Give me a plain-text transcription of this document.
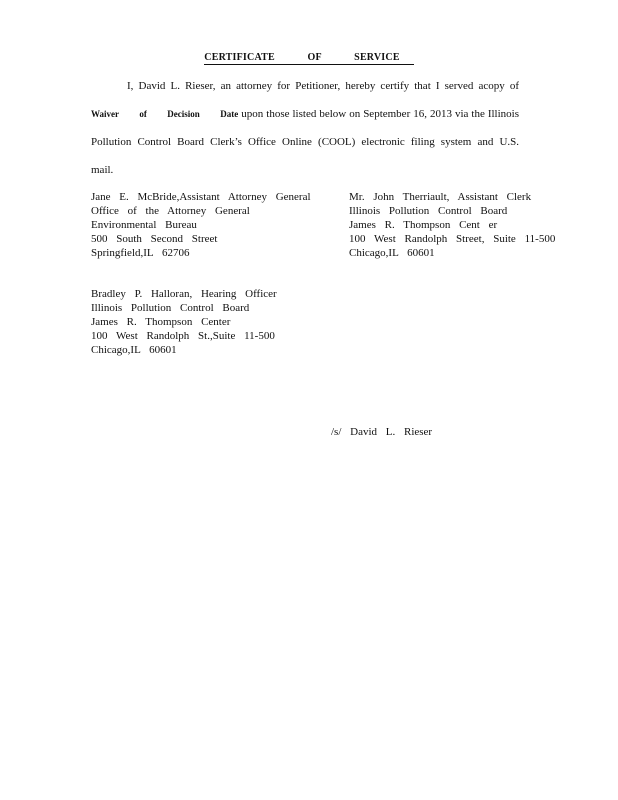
CERTIFICATE OF SERVICE
I, David L. Rieser, an attorney for Petitioner, hereby certify that I served acopy of
Waiver of Decision Date upon those listed below on September 16, 2013 via the Illinois
Pollution Control Board Clerk’s Office Online (COOL) electronic filing system and U.S.
mail.
Jane E. McBride,Assistant Attorney General
Office of the Attorney General
Environmental Bureau
500 South Second Street
Springfield,IL 62706
Mr. John Therriault, Assistant Clerk
Illinois Pollution Control Board
James R. Thompson Cent er
100 West Randolph Street, Suite 11-500
Chicago,IL 60601
Bradley P. Halloran, Hearing Officer
Illinois Pollution Control Board
James R. Thompson Center
100 West Randolph St.,Suite 11-500
Chicago,IL 60601
/s/ David L. Rieser
